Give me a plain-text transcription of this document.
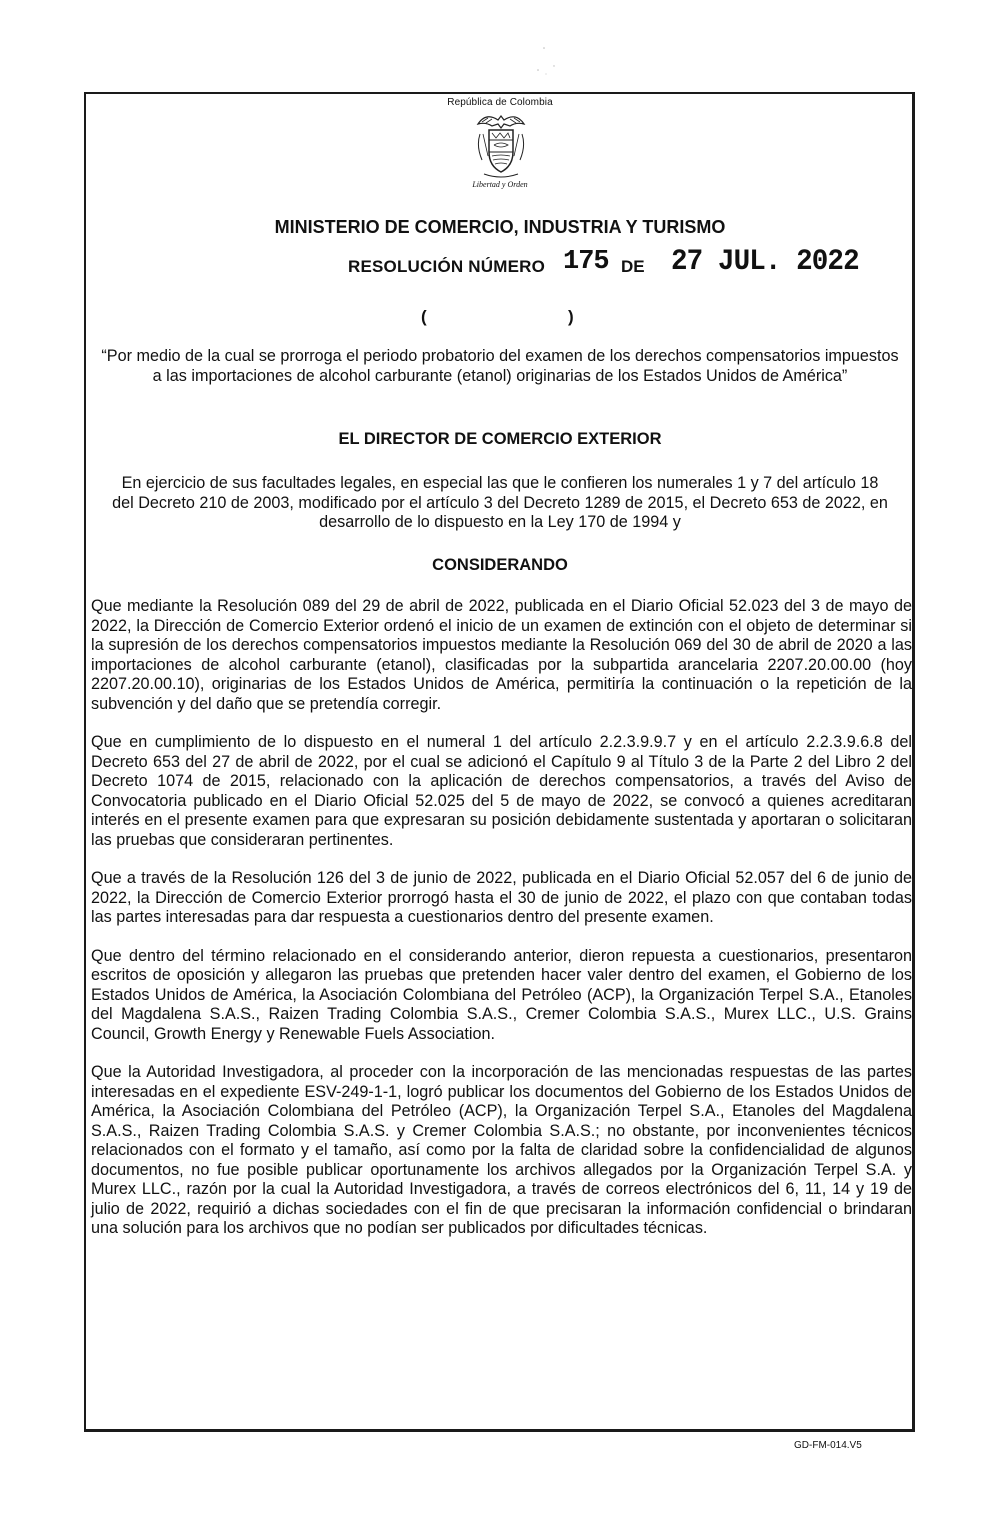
República de Colombia
Libertad y Orden
MINISTERIO DE COMERCIO, INDUSTRIA Y TURISMO
RESOLUCIÓN NÚMERO 175 DE 27 JUL. 2022
(	)
“Por medio de la cual se prorroga el periodo probatorio del examen de los derechos compensatorios impuestos a las importaciones de alcohol carburante (etanol) originarias de los Estados Unidos de América”
EL DIRECTOR DE COMERCIO EXTERIOR
En ejercicio de sus facultades legales, en especial las que le confieren los numerales 1 y 7 del artículo 18 del Decreto 210 de 2003, modificado por el artículo 3 del Decreto 1289 de 2015, el Decreto 653 de 2022, en desarrollo de lo dispuesto en la Ley 170 de 1994 y
CONSIDERANDO

Que mediante la Resolución 089 del 29 de abril de 2022, publicada en el Diario Oficial 52.023 del 3 de mayo de 2022, la Dirección de Comercio Exterior ordenó el inicio de un examen de extinción con el objeto de determinar si la supresión de los derechos compensatorios impuestos mediante la Resolución 069 del 30 de abril de 2020 a las importaciones de alcohol carburante (etanol), clasificadas por la subpartida arancelaria 2207.20.00.00 (hoy 2207.20.00.10), originarias de los Estados Unidos de América, permitiría la continuación o la repetición de la subvención y del daño que se pretendía corregir.

Que en cumplimiento de lo dispuesto en el numeral 1 del artículo 2.2.3.9.9.7 y en el artículo 2.2.3.9.6.8 del Decreto 653 del 27 de abril de 2022, por el cual se adicionó el Capítulo 9 al Título 3 de la Parte 2 del Libro 2 del Decreto 1074 de 2015, relacionado con la aplicación de derechos compensatorios, a través del Aviso de Convocatoria publicado en el Diario Oficial 52.025 del 5 de mayo de 2022, se convocó a quienes acreditaran interés en el presente examen para que expresaran su posición debidamente sustentada y aportaran o solicitaran las pruebas que consideraran pertinentes.

Que a través de la Resolución 126 del 3 de junio de 2022, publicada en el Diario Oficial 52.057 del 6 de junio de 2022, la Dirección de Comercio Exterior prorrogó hasta el 30 de junio de 2022, el plazo con que contaban todas las partes interesadas para dar respuesta a cuestionarios dentro del presente examen.

Que dentro del término relacionado en el considerando anterior, dieron repuesta a cuestionarios, presentaron escritos de oposición y allegaron las pruebas que pretenden hacer valer dentro del examen, el Gobierno de los Estados Unidos de América, la Asociación Colombiana del Petróleo (ACP), la Organización Terpel S.A., Etanoles del Magdalena S.A.S., Raizen Trading Colombia S.A.S., Cremer Colombia S.A.S., Murex LLC., U.S. Grains Council, Growth Energy y Renewable Fuels Association.

Que la Autoridad Investigadora, al proceder con la incorporación de las mencionadas respuestas de las partes interesadas en el expediente ESV-249-1-1, logró publicar los documentos del Gobierno de los Estados Unidos de América, la Asociación Colombiana del Petróleo (ACP), la Organización Terpel S.A., Etanoles del Magdalena S.A.S., Raizen Trading Colombia S.A.S. y Cremer Colombia S.A.S.; no obstante, por inconvenientes técnicos relacionados con el formato y el tamaño, así como por la falta de claridad sobre la confidencialidad de algunos documentos, no fue posible publicar oportunamente los archivos allegados por la Organización Terpel S.A. y Murex LLC., razón por la cual la Autoridad Investigadora, a través de correos electrónicos del 6, 11, 14 y 19 de julio de 2022, requirió a dichas sociedades con el fin de que precisaran la información confidencial o brindaran una solución para los archivos que no podían ser publicados por dificultades técnicas.

GD-FM-014.V5
